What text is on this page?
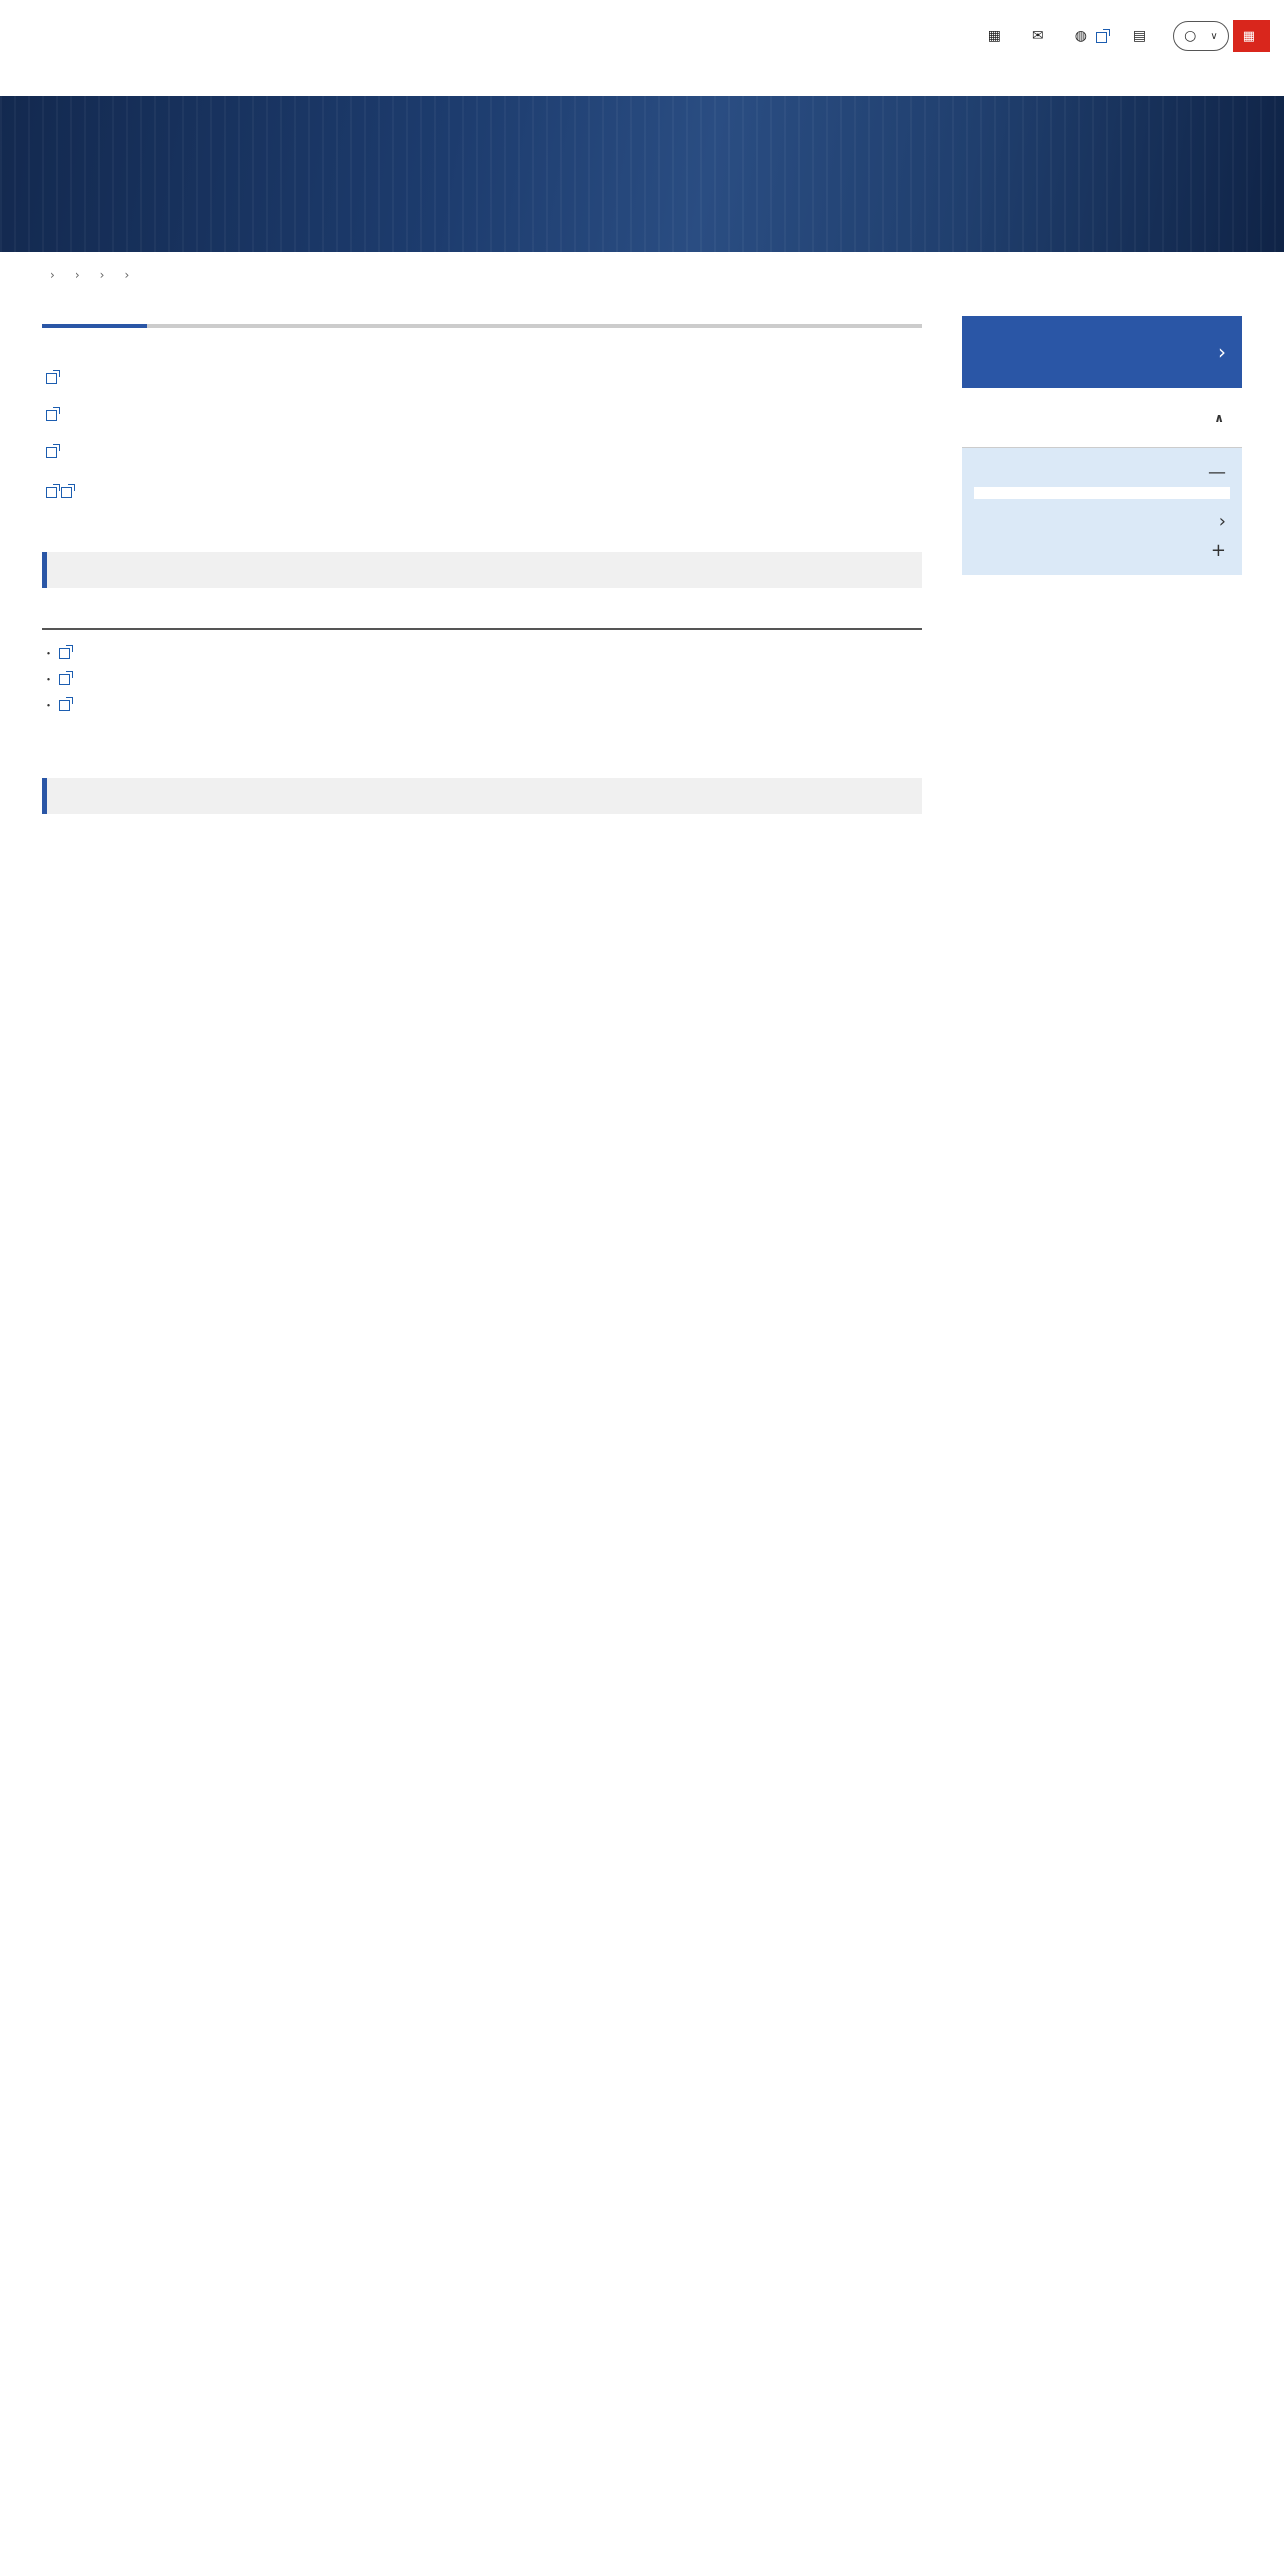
▦ ✉ ◍	▤	○ ∨ ▦
› › › ›

・
・
・
›
∧
—
›
+
